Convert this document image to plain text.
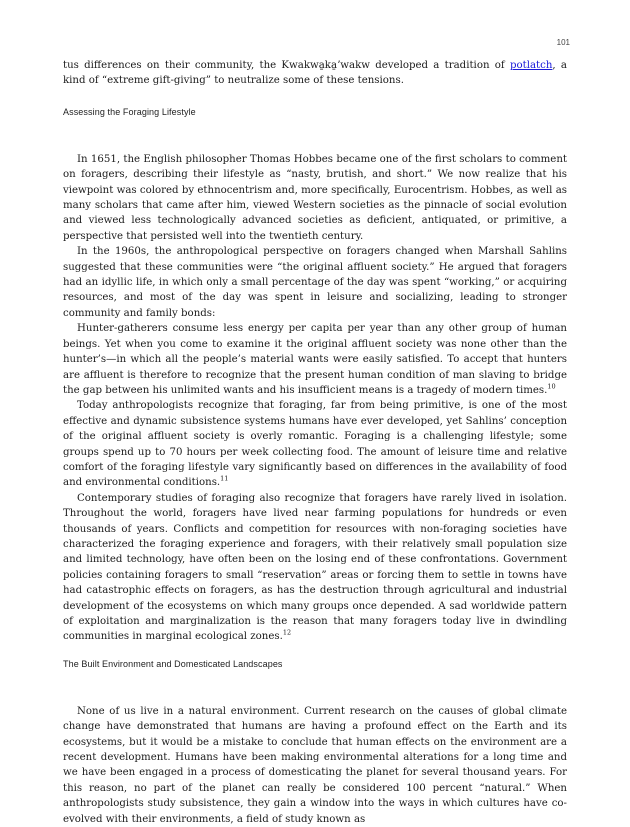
101

tus differences on their community, the Kwakwa̱ka̱ʼwakw developed a tradition of potlatch, a kind of “extreme gift-giving” to neutralize some of these tensions.

Assessing the Foraging Lifestyle

In 1651, the English philosopher Thomas Hobbes became one of the first scholars to comment on foragers, describing their lifestyle as “nasty, brutish, and short.” We now realize that his viewpoint was colored by ethnocentrism and, more specifically, Eurocentrism. Hobbes, as well as many scholars that came after him, viewed Western societies as the pinnacle of social evolution and viewed less technologically advanced societies as deficient, antiquated, or primitive, a perspective that persisted well into the twentieth century.

In the 1960s, the anthropological perspective on foragers changed when Marshall Sahlins suggested that these communities were “the original affluent society.” He argued that foragers had an idyllic life, in which only a small percentage of the day was spent “working,” or acquiring resources, and most of the day was spent in leisure and socializing, leading to stronger community and family bonds:

Hunter-gatherers consume less energy per capita per year than any other group of human beings. Yet when you come to examine it the original affluent society was none other than the hunter’s—in which all the people’s material wants were easily satisfied. To accept that hunters are affluent is therefore to recognize that the present human condition of man slaving to bridge the gap between his unlimited wants and his insufficient means is a tragedy of modern times.$^{10}$

Today anthropologists recognize that foraging, far from being primitive, is one of the most effective and dynamic subsistence systems humans have ever developed, yet Sahlins’ conception of the original affluent society is overly romantic. Foraging is a challenging lifestyle; some groups spend up to 70 hours per week collecting food. The amount of leisure time and relative comfort of the foraging lifestyle vary significantly based on differences in the availability of food and environmental conditions.$^{11}$

Contemporary studies of foraging also recognize that foragers have rarely lived in isolation. Throughout the world, foragers have lived near farming populations for hundreds or even thousands of years. Conflicts and competition for resources with non-foraging societies have characterized the foraging experience and foragers, with their relatively small population size and limited technology, have often been on the losing end of these confrontations. Government policies containing foragers to small “reservation” areas or forcing them to settle in towns have had catastrophic effects on foragers, as has the destruction through agricultural and industrial development of the ecosystems on which many groups once depended. A sad worldwide pattern of exploitation and marginalization is the reason that many foragers today live in dwindling communities in marginal ecological zones.$^{12}$

The Built Environment and Domesticated Landscapes

None of us live in a natural environment. Current research on the causes of global climate change have demonstrated that humans are having a profound effect on the Earth and its ecosystems, but it would be a mistake to conclude that human effects on the environment are a recent development. Humans have been making environmental alterations for a long time and we have been engaged in a process of domesticating the planet for several thousand years. For this reason, no part of the planet can really be considered 100 percent “natural.” When anthropologists study subsistence, they gain a window into the ways in which cultures have co-evolved with their environments, a field of study known as
